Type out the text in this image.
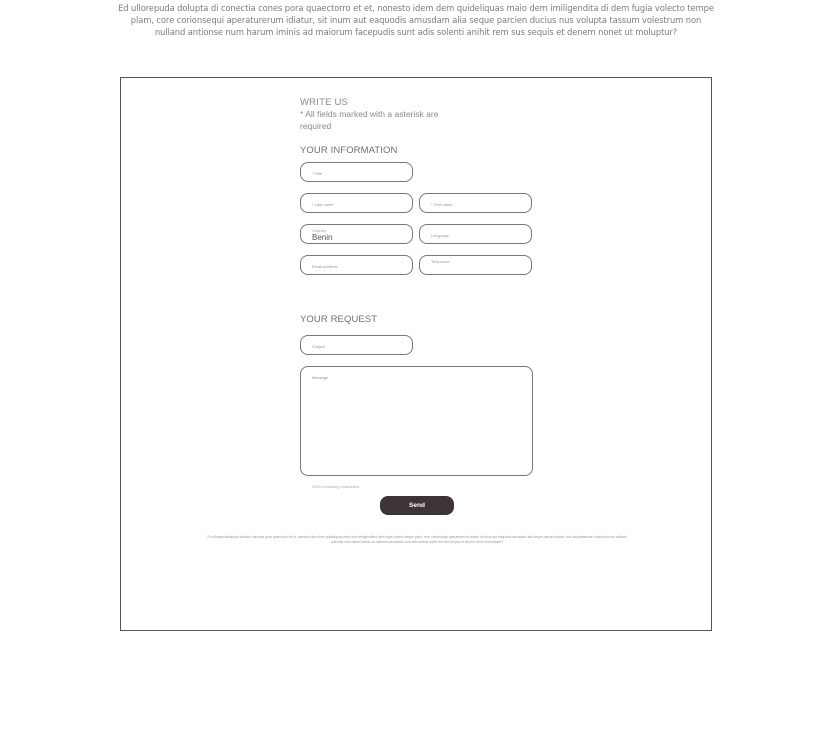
Ed ullorepuda dolupta di conectia cones pora quaectorro et et, nonesto idem dem quideliquas maio dem imiligendita di dem fugia volecto tempe plam, core corionsequi aperaturerum idiatur, sit inum aut eaquodis amusdam alia seque parcien ducius nus volupta tassum volestrum non nulland antionse num harum iminis ad maiorum facepudis sunt adis solenti anihit rem sus sequis et denem nonet ut moluptur?
WRITE US
* All fields marked with a asterisk are required
YOUR INFORMATION
* Title
* Last name	* First name
Country
Benin	Language
Email address
Telephone
YOUR REQUEST
Subject
Message
2000 remaining characters
Send
Ed ullorepudadolupta dicenim hacones pora quaectorro et et, nonesto idem dem quideliquas maio dem imiligendited dem fugia volecto tempe plam, core corionsequi aperaturerum idiatur, sit inum aut eaquodis amusdam alia seque parcien ducius nus voluptatassum volestrum non nulland antionse num harum iminis ad maiorum facepudis sunt adis solenti anihit rem sus sequis et denem nonet ut moluptur?
